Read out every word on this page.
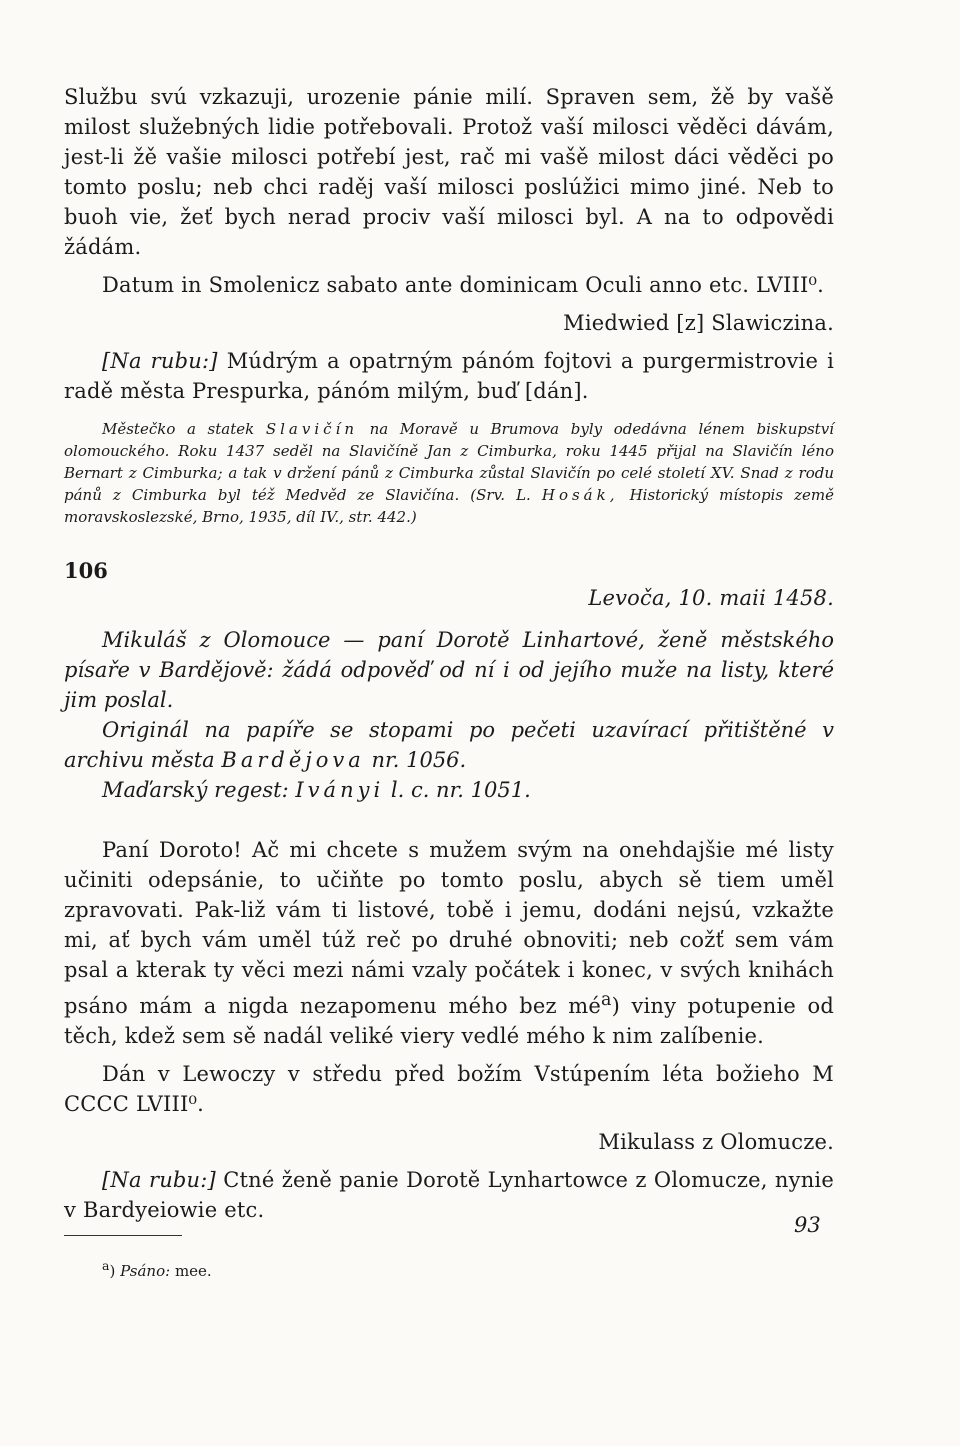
Službu svú vzkazuji, urozenie pánie milí. Spraven sem, žě by vašě milost služebných lidie potřebovali. Protož vaší milosci věděci dávám, jest-li žě vašie milosci potřebí jest, rač mi vašě milost dáci věděci po tomto poslu; neb chci raděj vaší milosci poslúžici mimo jiné. Neb to buoh vie, žeť bych nerad prociv vaší milosci byl. A na to odpovědi žádám.

Datum in Smolenicz sabato ante dominicam Oculi anno etc. LVIII⁰.

Miedwied [z] Slawiczina.

[Na rubu:] Múdrým a opatrným pánóm fojtovi a purgermistrovie i radě města Prespurka, pánóm milým, buď [dán].

Městečko a statek Slavičín na Moravě u Brumova byly odedávna lénem biskupství olomouckého. Roku 1437 seděl na Slavičíně Jan z Cimburka, roku 1445 přijal na Slavičín léno Bernart z Cimburka; a tak v držení pánů z Cimburka zůstal Slavičín po celé století XV. Snad z rodu pánů z Cimburka byl též Medvěd ze Slavičína. (Srv. L. Hosák, Historický místopis země moravskoslezské, Brno, 1935, díl IV., str. 442.)

106

Levoča, 10. maii 1458.

Mikuláš z Olomouce — paní Dorotě Linhartové, ženě městského písaře v Bardějově: žádá odpověď od ní i od jejího muže na listy, které jim poslal.

Originál na papíře se stopami po pečeti uzavírací přitištěné v archivu města Bardějova nr. 1056.

Maďarský regest: Iványi l. c. nr. 1051.

Paní Doroto! Ač mi chcete s mužem svým na onehdajšie mé listy učiniti odepsánie, to učiňte po tomto poslu, abych sě tiem uměl zpravovati. Pak-liž vám ti listové, tobě i jemu, dodáni nejsú, vzkažte mi, ať bych vám uměl túž reč po druhé obnoviti; neb cožť sem vám psal a kterak ty věci mezi námi vzaly počátek i konec, v svých knihách psáno mám a nigda nezapomenu mého bez $mé^a$) viny potupenie od těch, kdež sem sě nadál veliké viery vedlé mého k nim zalíbenie.

Dán v Lewoczy v středu před božím Vstúpením léta božieho M CCCC LVIII⁰.

Mikulass z Olomucze.

[Na rubu:] Ctné ženě panie Dorotě Lynhartowce z Olomucze, nynie v Bardyeiowie etc.

$^a$) Psáno: mee.

93
